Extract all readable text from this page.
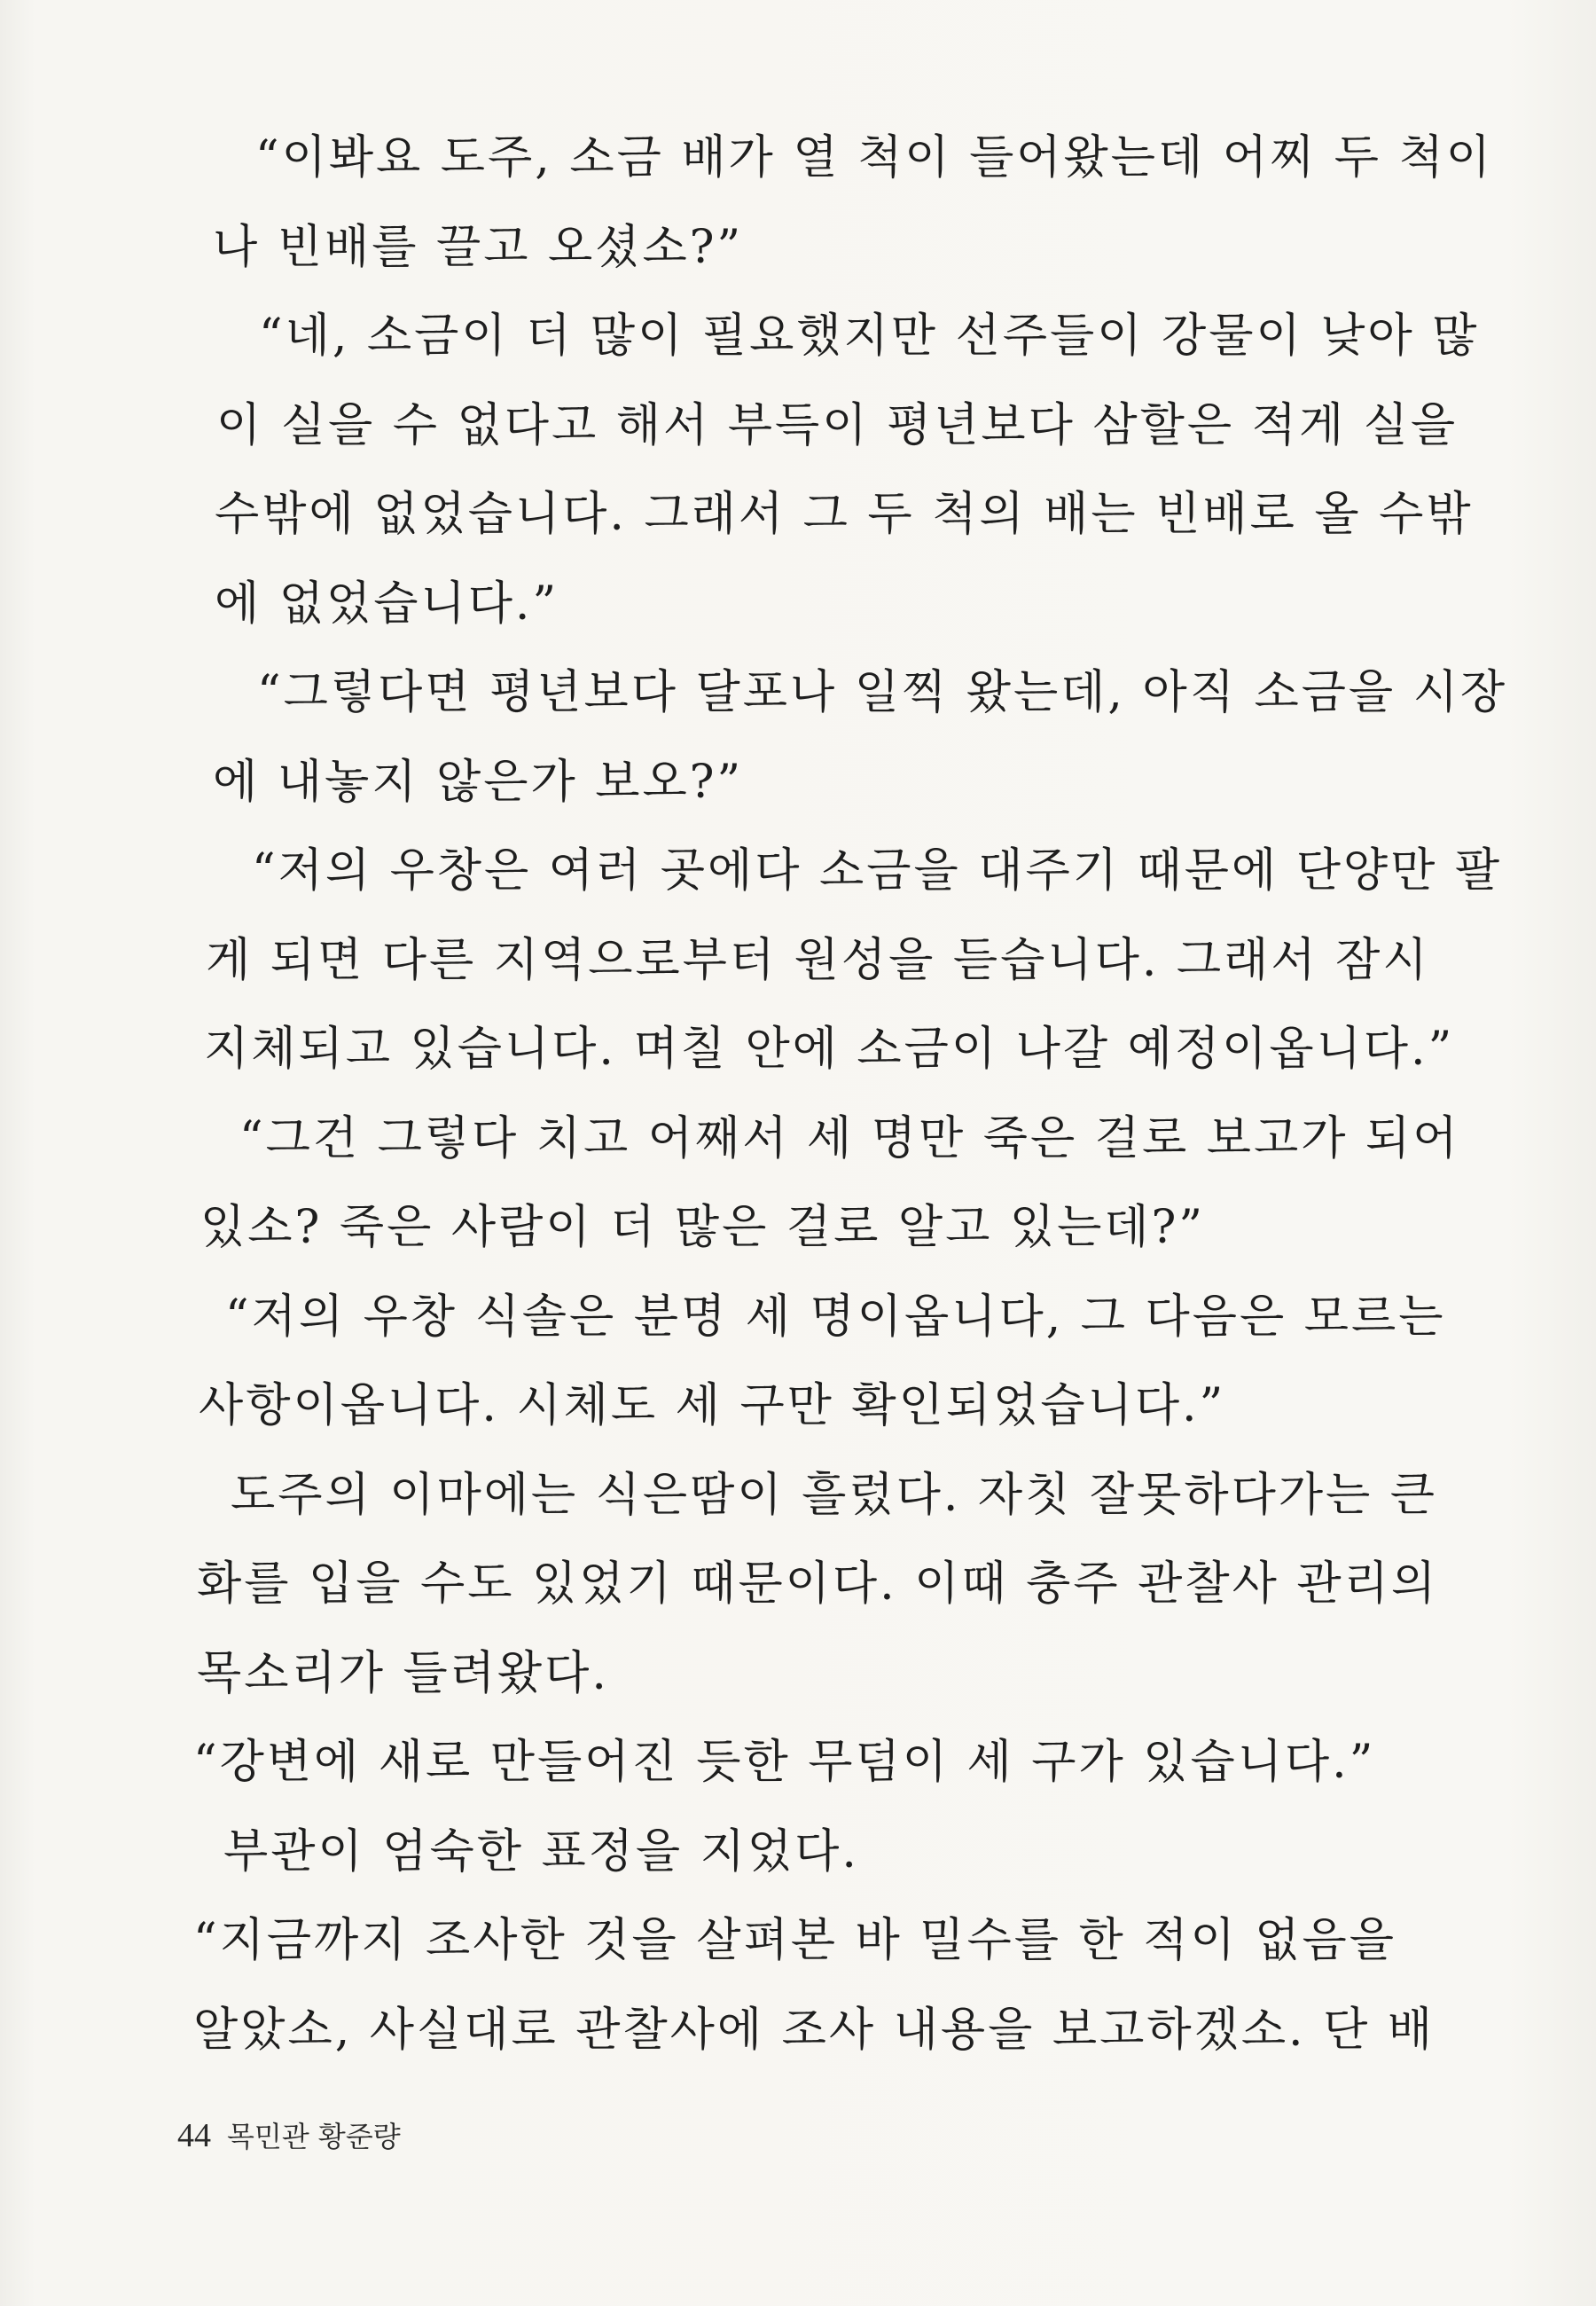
“이봐요 도주, 소금 배가 열 척이 들어왔는데 어찌 두 척이
나 빈배를 끌고 오셨소?”
“네, 소금이 더 많이 필요했지만 선주들이 강물이 낮아 많
이 실을 수 없다고 해서 부득이 평년보다 삼할은 적게 실을
수밖에 없었습니다. 그래서 그 두 척의 배는 빈배로 올 수밖
에 없었습니다.”
“그렇다면 평년보다 달포나 일찍 왔는데, 아직 소금을 시장
에 내놓지 않은가 보오?”
“저의 우창은 여러 곳에다 소금을 대주기 때문에 단양만 팔
게 되면 다른 지역으로부터 원성을 듣습니다. 그래서 잠시
지체되고 있습니다. 며칠 안에 소금이 나갈 예정이옵니다.”
“그건 그렇다 치고 어째서 세 명만 죽은 걸로 보고가 되어
있소? 죽은 사람이 더 많은 걸로 알고 있는데?”
“저의 우창 식솔은 분명 세 명이옵니다, 그 다음은 모르는
사항이옵니다. 시체도 세 구만 확인되었습니다.”
도주의 이마에는 식은땀이 흘렀다. 자칫 잘못하다가는 큰
화를 입을 수도 있었기 때문이다. 이때 충주 관찰사 관리의
목소리가 들려왔다.
“강변에 새로 만들어진 듯한 무덤이 세 구가 있습니다.”
부관이 엄숙한 표정을 지었다.
“지금까지 조사한 것을 살펴본 바 밀수를 한 적이 없음을
알았소, 사실대로 관찰사에 조사 내용을 보고하겠소. 단 배
44 목민관 황준량
